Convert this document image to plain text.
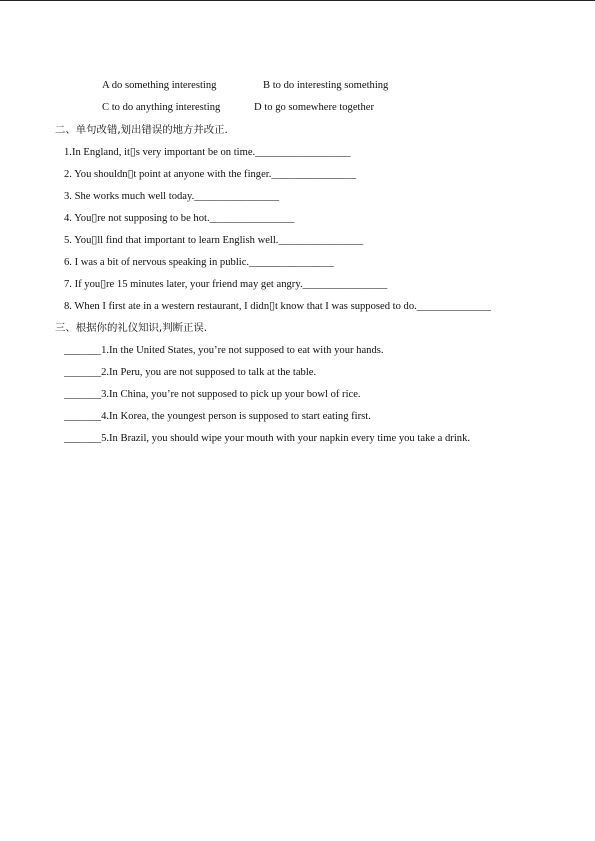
A do something interesting	B to do interesting something
C to do anything interesting	D to go somewhere together
二、单句改错,划出错误的地方并改正.
1.In England, it▯s very important be on time.__________________
2. You shouldn▯t point at anyone with the finger.________________
3. She works much well today.________________
4. You▯re not supposing to be hot.________________
5. You▯ll find that important to learn English well.________________
6. I was a bit of nervous speaking in public.________________
7. If you▯re 15 minutes later, your friend may get angry.________________
8. When I first ate in a western restaurant, I didn▯t know that I was supposed to do.______________
三、根据你的礼仪知识,判断正误.
_______1.In the United States, you’re not supposed to eat with your hands.
_______2.In Peru, you are not supposed to talk at the table.
_______3.In China, you’re not supposed to pick up your bowl of rice.
_______4.In Korea, the youngest person is supposed to start eating first.
_______5.In Brazil, you should wipe your mouth with your napkin every time you take a drink.
